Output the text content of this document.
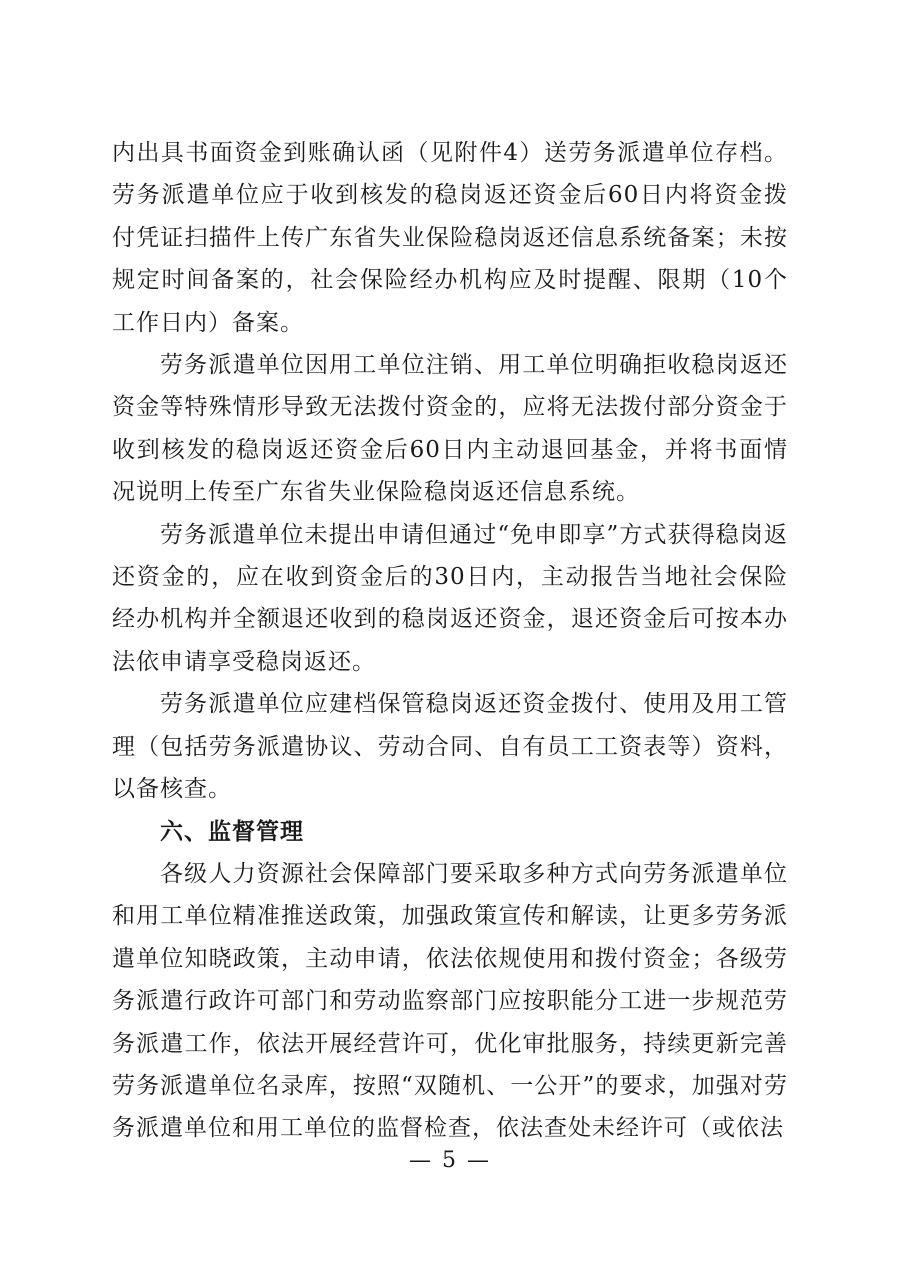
内出具书面资金到账确认函（见附件4）送劳务派遣单位存档。劳务派遣单位应于收到核发的稳岗返还资金后60日内将资金拨付凭证扫描件上传广东省失业保险稳岗返还信息系统备案；未按规定时间备案的，社会保险经办机构应及时提醒、限期（10个工作日内）备案。

劳务派遣单位因用工单位注销、用工单位明确拒收稳岗返还资金等特殊情形导致无法拨付资金的，应将无法拨付部分资金于收到核发的稳岗返还资金后60日内主动退回基金，并将书面情况说明上传至广东省失业保险稳岗返还信息系统。

劳务派遣单位未提出申请但通过“免申即享”方式获得稳岗返还资金的，应在收到资金后的30日内，主动报告当地社会保险经办机构并全额退还收到的稳岗返还资金，退还资金后可按本办法依申请享受稳岗返还。

劳务派遣单位应建档保管稳岗返还资金拨付、使用及用工管理（包括劳务派遣协议、劳动合同、自有员工工资表等）资料，以备核查。

六、监督管理

各级人力资源社会保障部门要采取多种方式向劳务派遣单位和用工单位精准推送政策，加强政策宣传和解读，让更多劳务派遣单位知晓政策，主动申请，依法依规使用和拨付资金；各级劳务派遣行政许可部门和劳动监察部门应按职能分工进一步规范劳务派遣工作，依法开展经营许可，优化审批服务，持续更新完善劳务派遣单位名录库，按照“双随机、一公开”的要求，加强对劳务派遣单位和用工单位的监督检查，依法查处未经许可（或依法

— 5 —
